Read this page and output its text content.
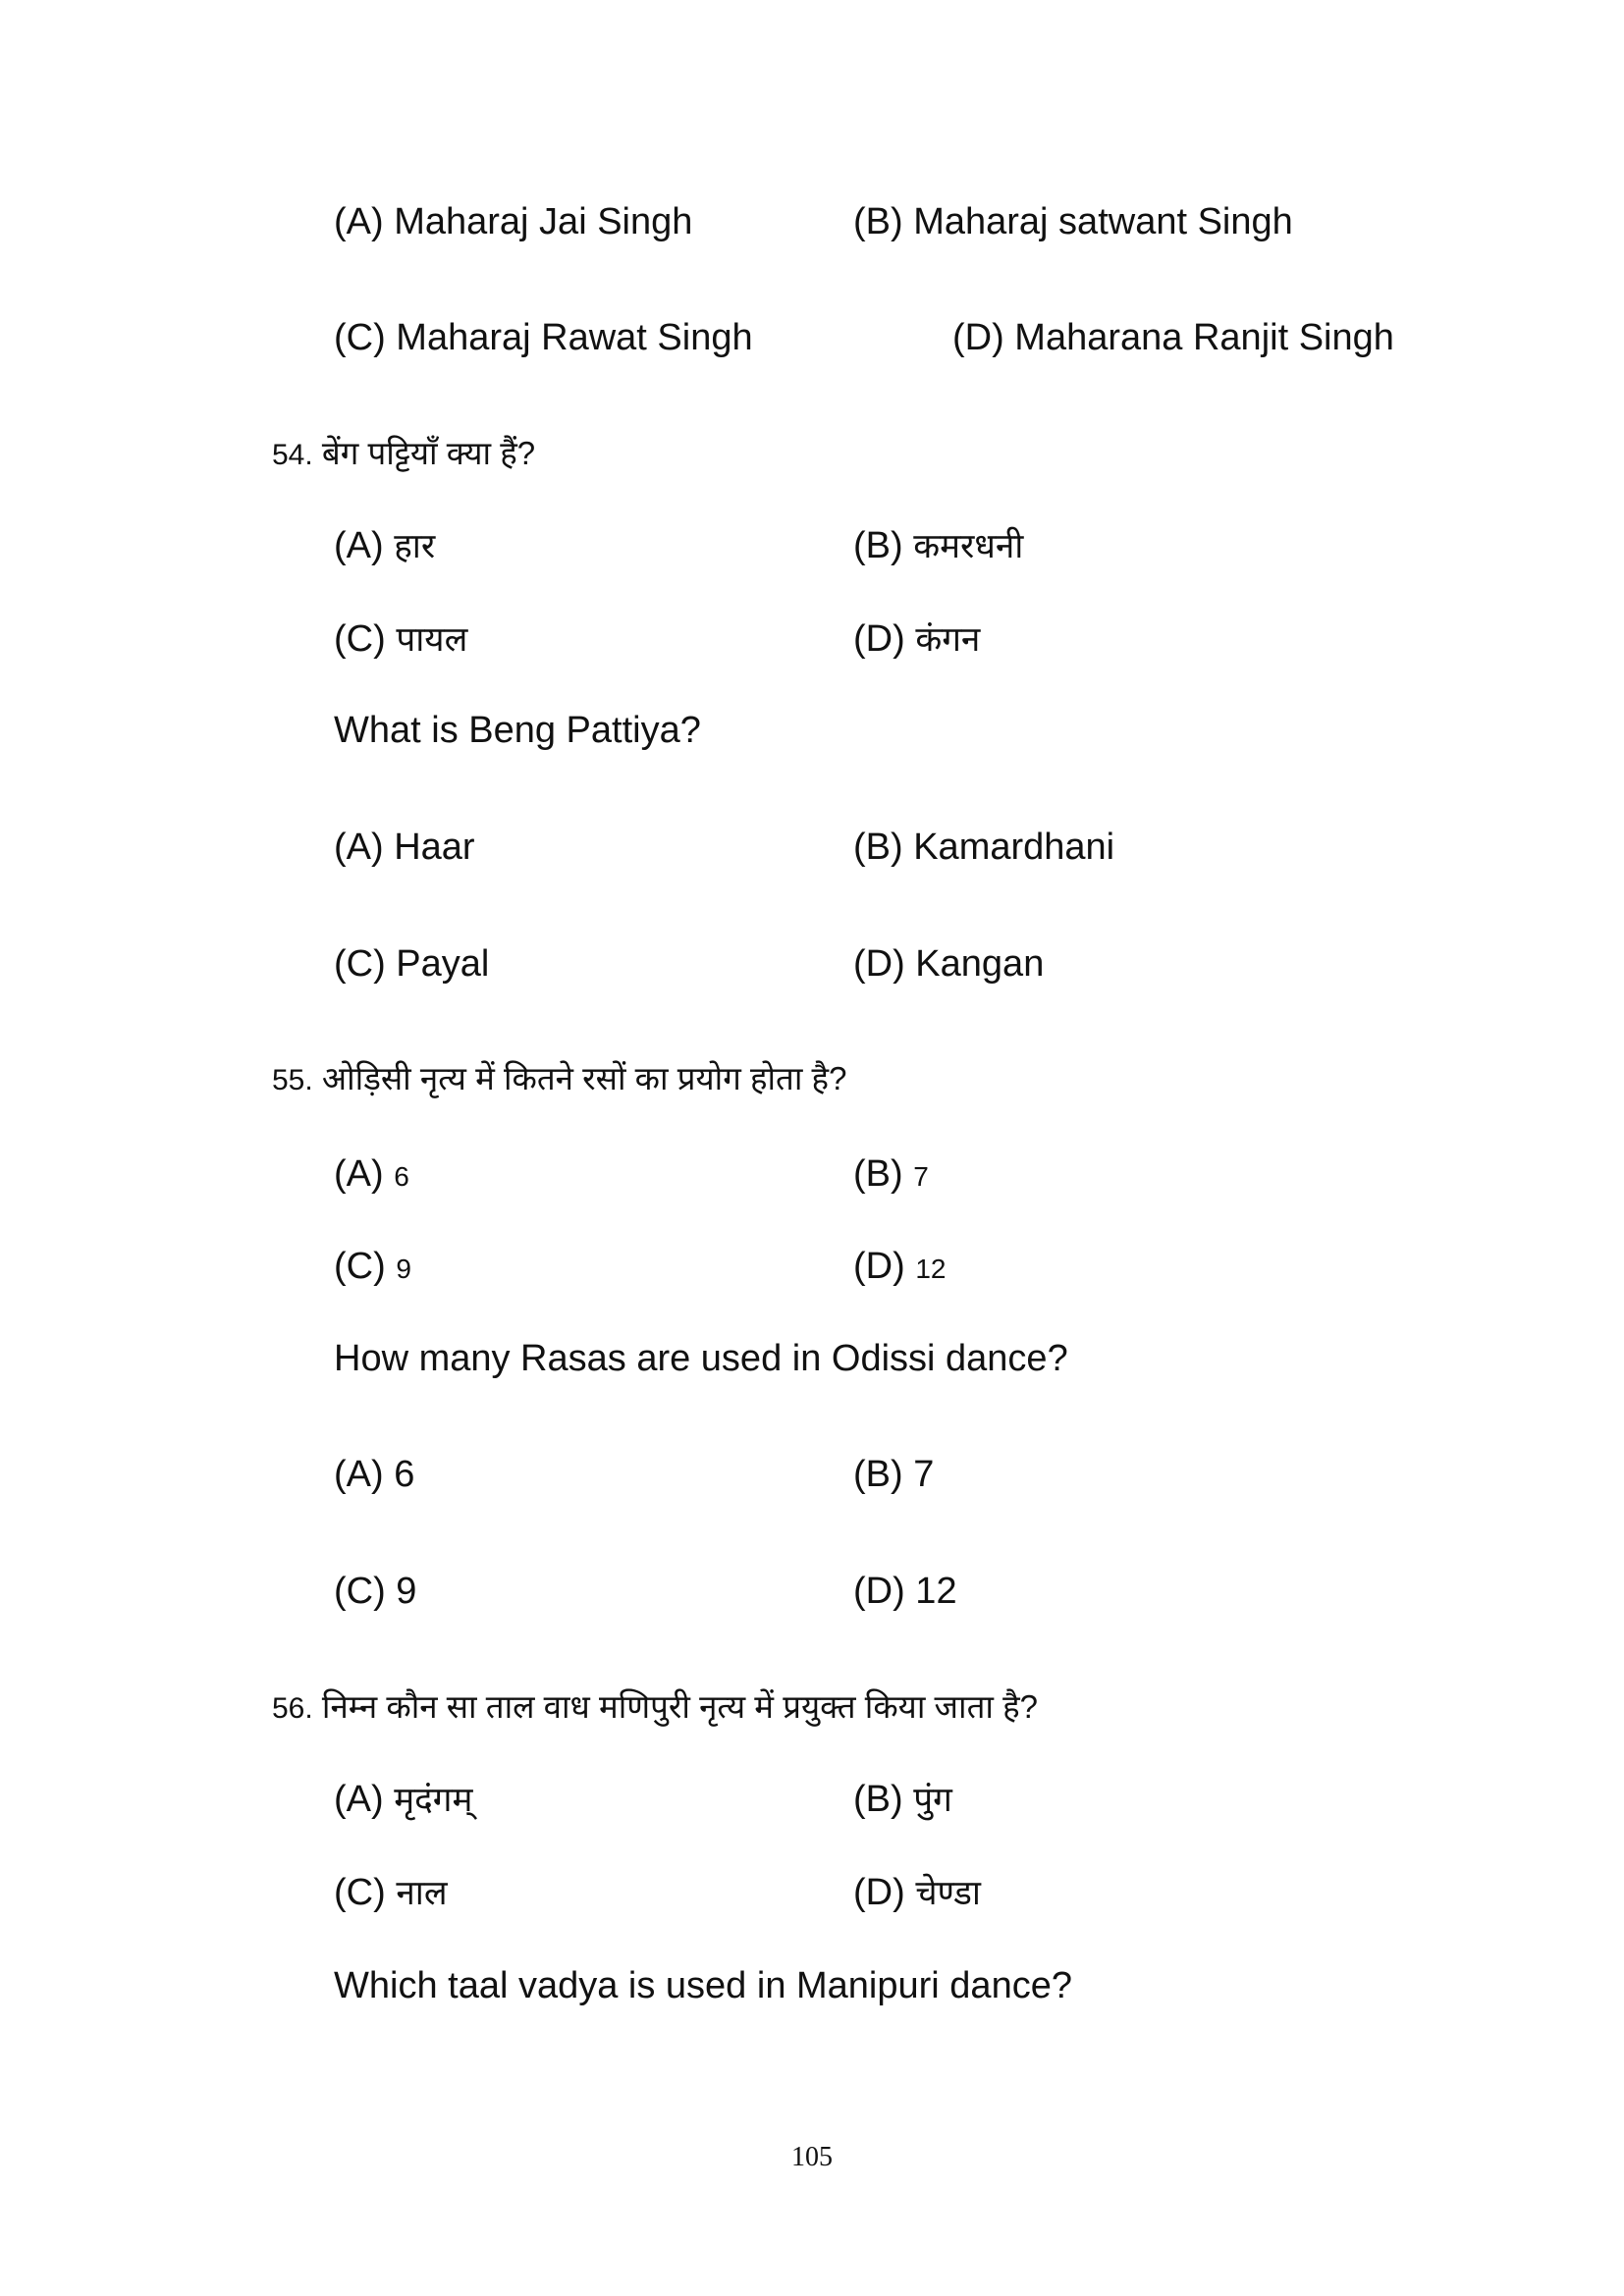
(A) Maharaj Jai Singh	(B) Maharaj satwant Singh
(C) Maharaj Rawat Singh	(D) Maharana Ranjit Singh
54. बेंग पट्टियाँ क्या हैं?
(A) हार	(B) कमरधनी
(C) पायल	(D) कंगन
What is Beng Pattiya?
(A) Haar	(B) Kamardhani
(C) Payal	(D) Kangan
55. ओड़िसी नृत्य में कितने रसों का प्रयोग होता है?
(A) 6	(B) 7
(C) 9	(D) 12
How many Rasas are used in Odissi dance?
(A) 6	(B) 7
(C) 9	(D) 12
56. निम्न कौन सा ताल वाध मणिपुरी नृत्य में प्रयुक्त किया जाता है?
(A) मृदंगम्	(B) पुंग
(C) नाल	(D) चेण्डा
Which taal vadya is used in Manipuri dance?
105
